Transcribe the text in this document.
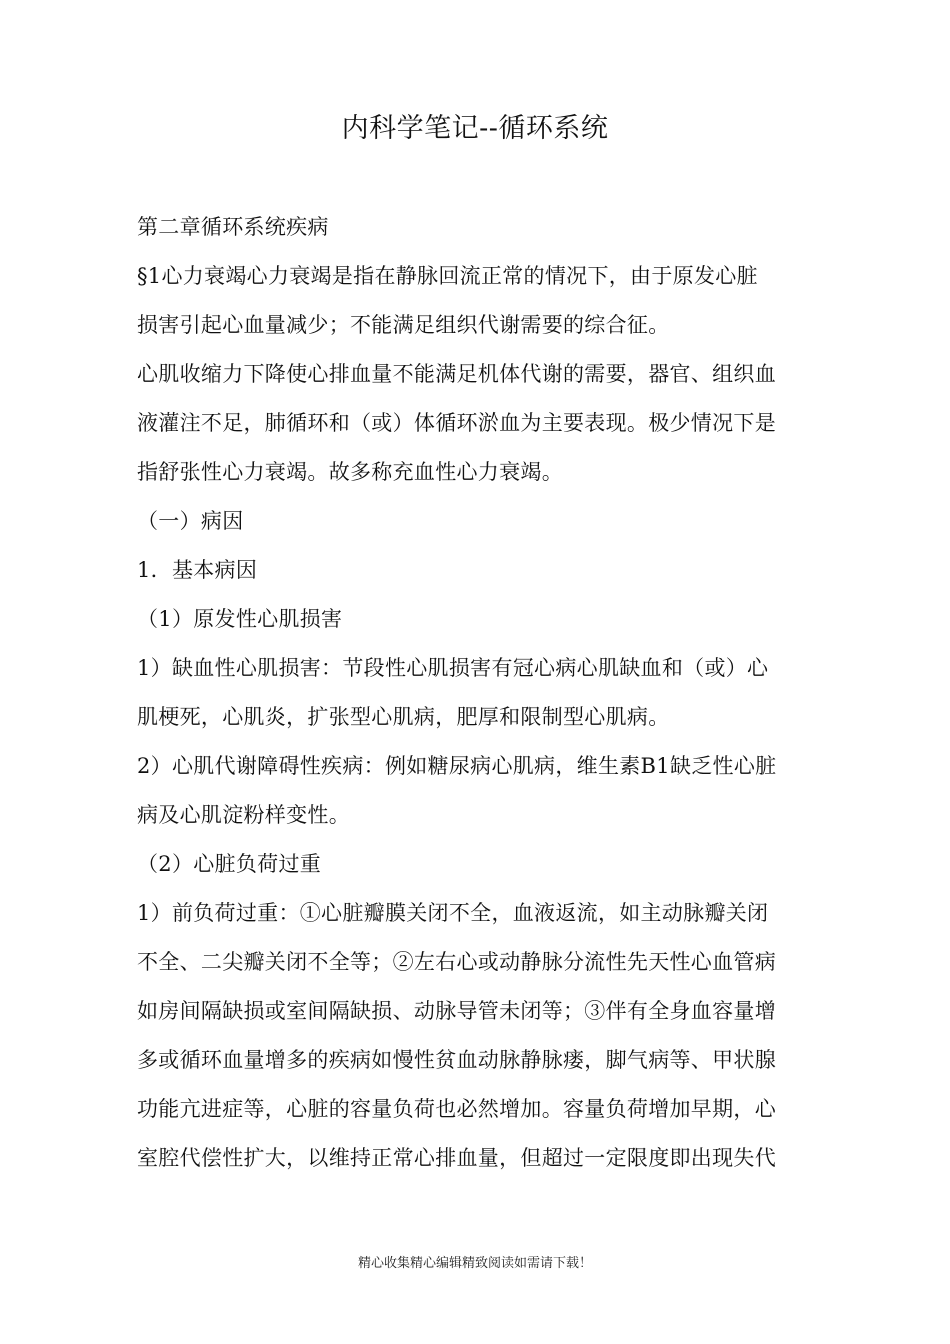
内科学笔记--循环系统
第二章循环系统疾病
§1心力衰竭心力衰竭是指在静脉回流正常的情况下，由于原发心脏
损害引起心血量减少；不能满足组织代谢需要的综合征。
心肌收缩力下降使心排血量不能满足机体代谢的需要，器官、组织血
液灌注不足，肺循环和（或）体循环淤血为主要表现。极少情况下是
指舒张性心力衰竭。故多称充血性心力衰竭。
（一）病因
1．基本病因
（1）原发性心肌损害
1）缺血性心肌损害：节段性心肌损害有冠心病心肌缺血和（或）心
肌梗死，心肌炎，扩张型心肌病，肥厚和限制型心肌病。
2）心肌代谢障碍性疾病：例如糖尿病心肌病，维生素B1缺乏性心脏
病及心肌淀粉样变性。
（2）心脏负荷过重
1）前负荷过重：①心脏瓣膜关闭不全，血液返流，如主动脉瓣关闭
不全、二尖瓣关闭不全等；②左右心或动静脉分流性先天性心血管病
如房间隔缺损或室间隔缺损、动脉导管未闭等；③伴有全身血容量增
多或循环血量增多的疾病如慢性贫血动脉静脉瘘，脚气病等、甲状腺
功能亢进症等，心脏的容量负荷也必然增加。容量负荷增加早期，心
室腔代偿性扩大，以维持正常心排血量，但超过一定限度即出现失代
精心收集精心编辑精致阅读如需请下载！
